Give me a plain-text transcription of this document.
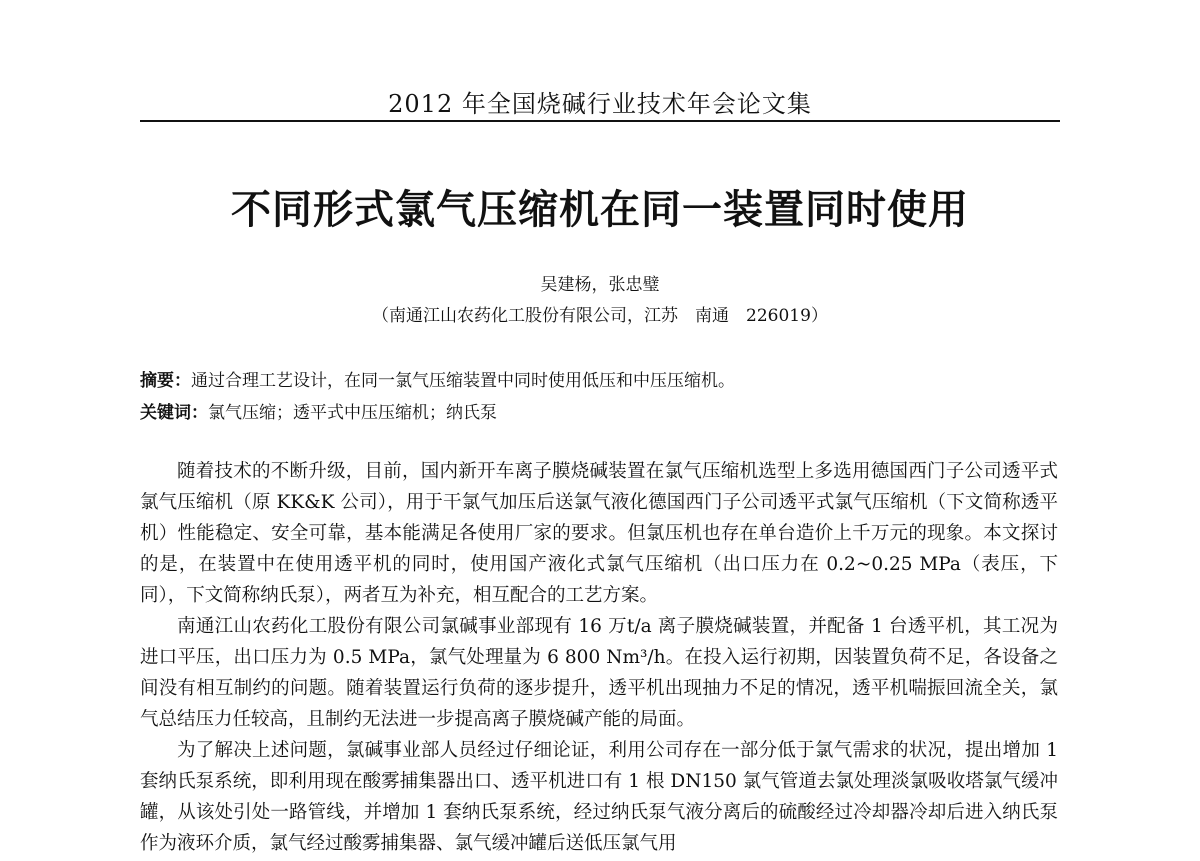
2012 年全国烧碱行业技术年会论文集
不同形式氯气压缩机在同一装置同时使用
吴建杨，张忠璧
（南通江山农药化工股份有限公司，江苏　南通　226019）
摘要：通过合理工艺设计，在同一氯气压缩装置中同时使用低压和中压压缩机。
关键词：氯气压缩；透平式中压压缩机；纳氏泵

随着技术的不断升级，目前，国内新开车离子膜烧碱装置在氯气压缩机选型上多选用德国西门子公司透平式氯气压缩机（原 KK&K 公司），用于干氯气加压后送氯气液化德国西门子公司透平式氯气压缩机（下文简称透平机）性能稳定、安全可靠，基本能满足各使用厂家的要求。但氯压机也存在单台造价上千万元的现象。本文探讨的是，在装置中在使用透平机的同时，使用国产液化式氯气压缩机（出口压力在 0.2~0.25 MPa（表压，下同），下文简称纳氏泵），两者互为补充，相互配合的工艺方案。

南通江山农药化工股份有限公司氯碱事业部现有 16 万t/a 离子膜烧碱装置，并配备 1 台透平机，其工况为进口平压，出口压力为 0.5 MPa，氯气处理量为 6 800 Nm³/h。在投入运行初期，因装置负荷不足，各设备之间没有相互制约的问题。随着装置运行负荷的逐步提升，透平机出现抽力不足的情况，透平机喘振回流全关，氯气总结压力任较高，且制约无法进一步提高离子膜烧碱产能的局面。

为了解决上述问题，氯碱事业部人员经过仔细论证，利用公司存在一部分低于氯气需求的状况，提出增加 1 套纳氏泵系统，即利用现在酸雾捕集器出口、透平机进口有 1 根 DN150 氯气管道去氯处理淡氯吸收塔氯气缓冲罐，从该处引处一路管线，并增加 1 套纳氏泵系统，经过纳氏泵气液分离后的硫酸经过冷却器冷却后进入纳氏泵作为液环介质，氯气经过酸雾捕集器、氯气缓冲罐后送低压氯气用
